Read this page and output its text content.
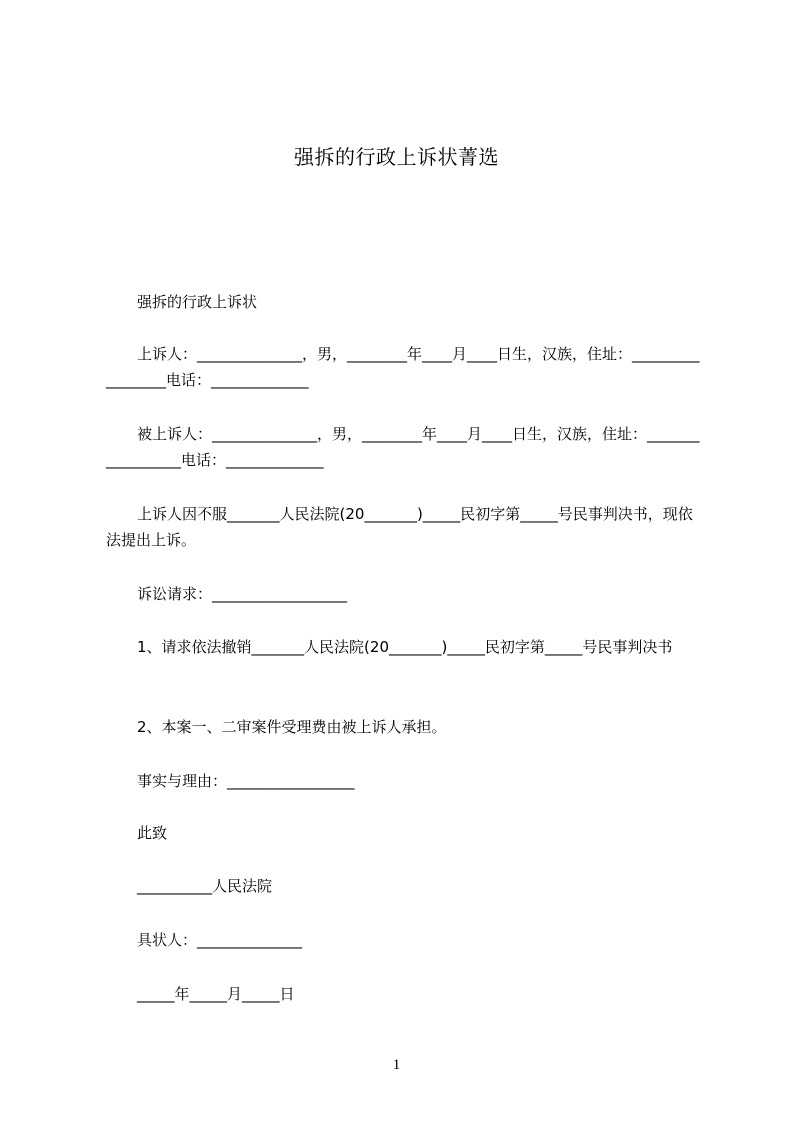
强拆的行政上诉状菁选

强拆的行政上诉状

上诉人：______________，男，________年____月____日生，汉族，住址：_________________电话：_____________

被上诉人：______________，男，________年____月____日生，汉族，住址：_________________电话：_____________

上诉人因不服_______人民法院(20_______)_____民初字第_____号民事判决书，现依法提出上诉。

诉讼请求：__________________

1、请求依法撤销_______人民法院(20_______)_____民初字第_____号民事判决书

2、本案一、二审案件受理费由被上诉人承担。

事实与理由：_________________

此致

__________人民法院

具状人：______________

_____年_____月_____日

1
